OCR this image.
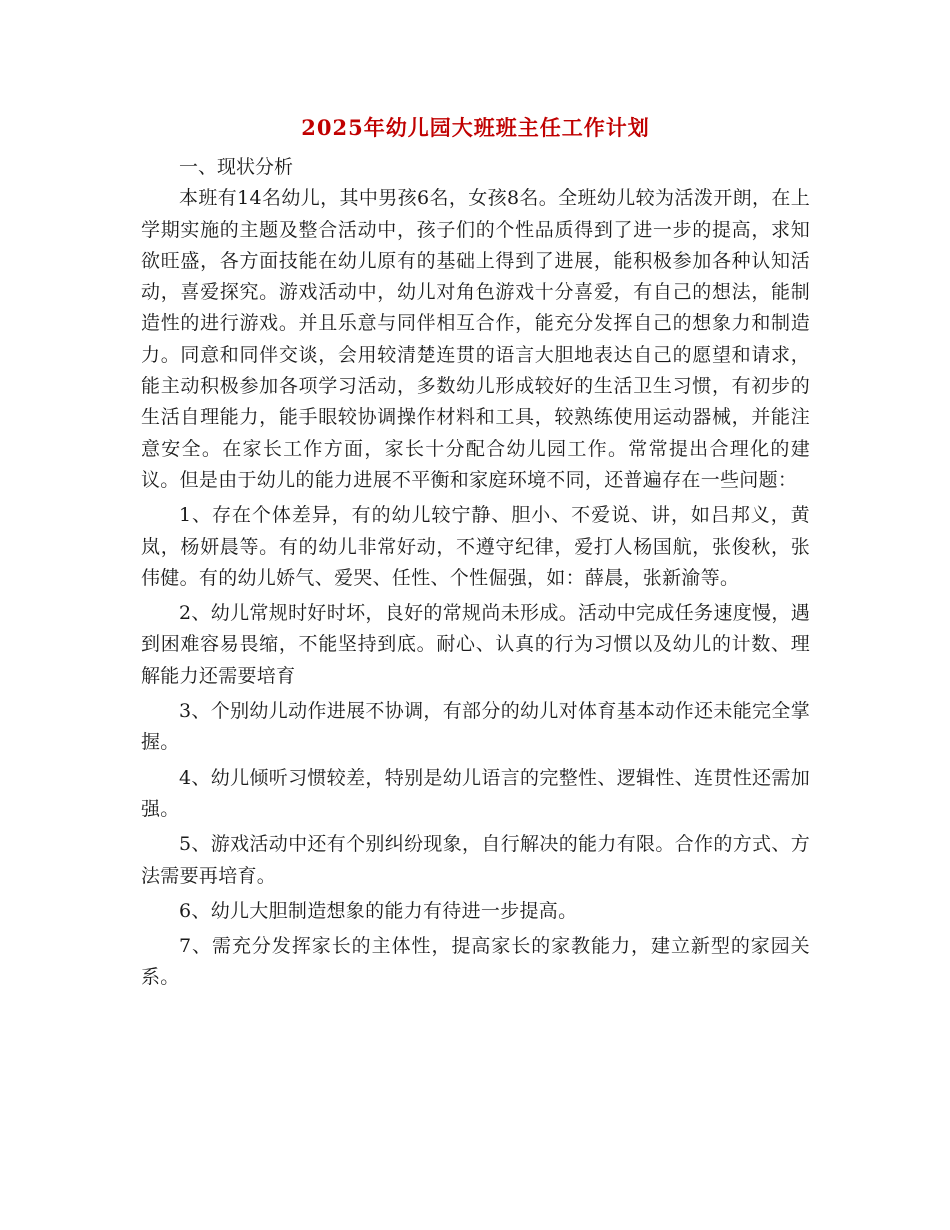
2025年幼儿园大班班主任工作计划

一、现状分析

本班有14名幼儿，其中男孩6名，女孩8名。全班幼儿较为活泼开朗，在上学期实施的主题及整合活动中，孩子们的个性品质得到了进一步的提高，求知欲旺盛，各方面技能在幼儿原有的基础上得到了进展，能积极参加各种认知活动，喜爱探究。游戏活动中，幼儿对角色游戏十分喜爱，有自己的想法，能制造性的进行游戏。并且乐意与同伴相互合作，能充分发挥自己的想象力和制造力。同意和同伴交谈，会用较清楚连贯的语言大胆地表达自己的愿望和请求，能主动积极参加各项学习活动，多数幼儿形成较好的生活卫生习惯，有初步的生活自理能力，能手眼较协调操作材料和工具，较熟练使用运动器械，并能注意安全。在家长工作方面，家长十分配合幼儿园工作。常常提出合理化的建议。但是由于幼儿的能力进展不平衡和家庭环境不同，还普遍存在一些问题：

1、存在个体差异，有的幼儿较宁静、胆小、不爱说、讲，如吕邦义，黄岚，杨妍晨等。有的幼儿非常好动，不遵守纪律，爱打人杨国航，张俊秋，张伟健。有的幼儿娇气、爱哭、任性、个性倔强，如：薛晨，张新渝等。

2、幼儿常规时好时坏，良好的常规尚未形成。活动中完成任务速度慢，遇到困难容易畏缩，不能坚持到底。耐心、认真的行为习惯以及幼儿的计数、理解能力还需要培育

3、个别幼儿动作进展不协调，有部分的幼儿对体育基本动作还未能完全掌握。

4、幼儿倾听习惯较差，特别是幼儿语言的完整性、逻辑性、连贯性还需加强。

5、游戏活动中还有个别纠纷现象，自行解决的能力有限。合作的方式、方法需要再培育。

6、幼儿大胆制造想象的能力有待进一步提高。

7、需充分发挥家长的主体性，提高家长的家教能力，建立新型的家园关系。
